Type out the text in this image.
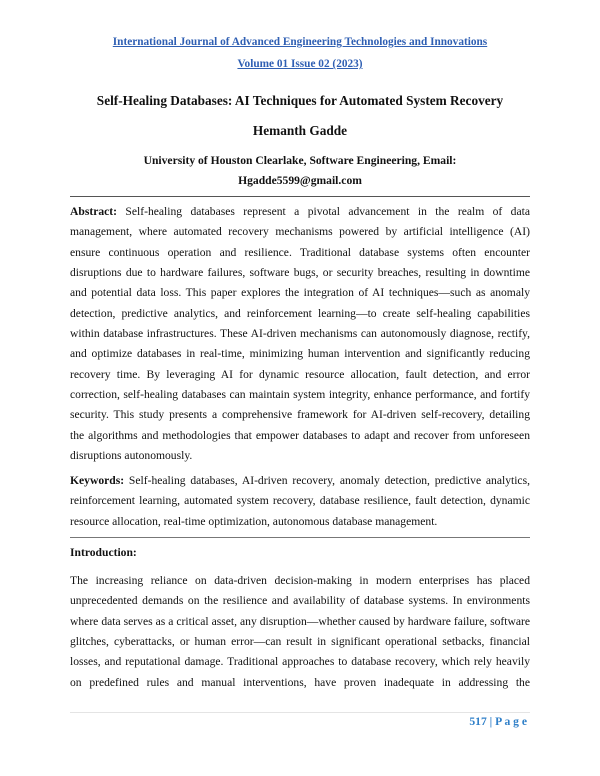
International Journal of Advanced Engineering Technologies and Innovations
Volume 01 Issue 02 (2023)
Self-Healing Databases: AI Techniques for Automated System Recovery
Hemanth Gadde
University of Houston Clearlake, Software Engineering, Email:
Hgadde5599@gmail.com
Abstract: Self-healing databases represent a pivotal advancement in the realm of data
management, where automated recovery mechanisms powered by artificial intelligence (AI)
ensure continuous operation and resilience. Traditional database systems often encounter
disruptions due to hardware failures, software bugs, or security breaches, resulting in downtime
and potential data loss. This paper explores the integration of AI techniques—such as anomaly
detection, predictive analytics, and reinforcement learning—to create self-healing capabilities
within database infrastructures. These AI-driven mechanisms can autonomously diagnose, rectify,
and optimize databases in real-time, minimizing human intervention and significantly reducing
recovery time. By leveraging AI for dynamic resource allocation, fault detection, and error
correction, self-healing databases can maintain system integrity, enhance performance, and fortify
security. This study presents a comprehensive framework for AI-driven self-recovery, detailing
the algorithms and methodologies that empower databases to adapt and recover from unforeseen
disruptions autonomously.
Keywords: Self-healing databases, AI-driven recovery, anomaly detection, predictive analytics,
reinforcement learning, automated system recovery, database resilience, fault detection, dynamic
resource allocation, real-time optimization, autonomous database management.
Introduction:
The increasing reliance on data-driven decision-making in modern enterprises has placed
unprecedented demands on the resilience and availability of database systems. In environments
where data serves as a critical asset, any disruption—whether caused by hardware failure, software
glitches, cyberattacks, or human error—can result in significant operational setbacks, financial
losses, and reputational damage. Traditional approaches to database recovery, which rely heavily
on predefined rules and manual interventions, have proven inadequate in addressing the
517 | P a g e
